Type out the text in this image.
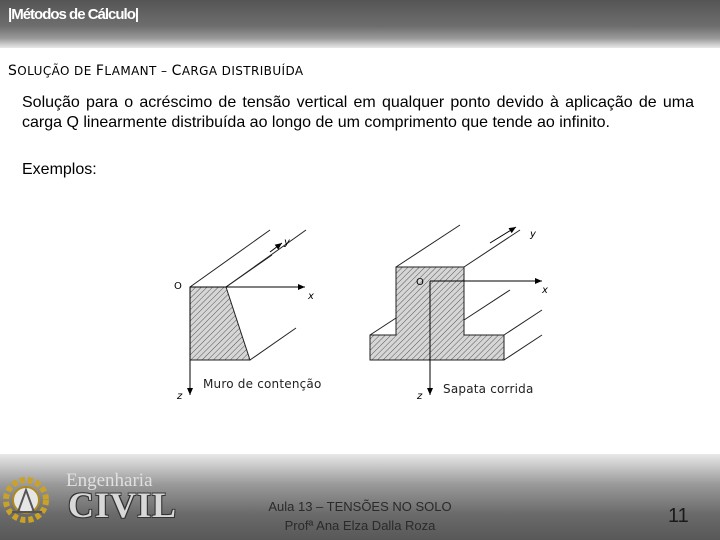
|Métodos de Cálculo|
SOLUÇÃO DE FLAMANT – CARGA DISTRIBUÍDA
Solução para o acréscimo de tensão vertical em qualquer ponto devido à aplicação de uma carga Q linearmente distribuída ao longo de um comprimento que tende ao infinito.
Exemplos:
O
y
x
z
O
y
x
z
Muro de contenção	Sapata corrida
Engenharia
CIVIL	Aula 13 – TENSÕES NO SOLO
Profª Ana Elza Dalla Roza	11
